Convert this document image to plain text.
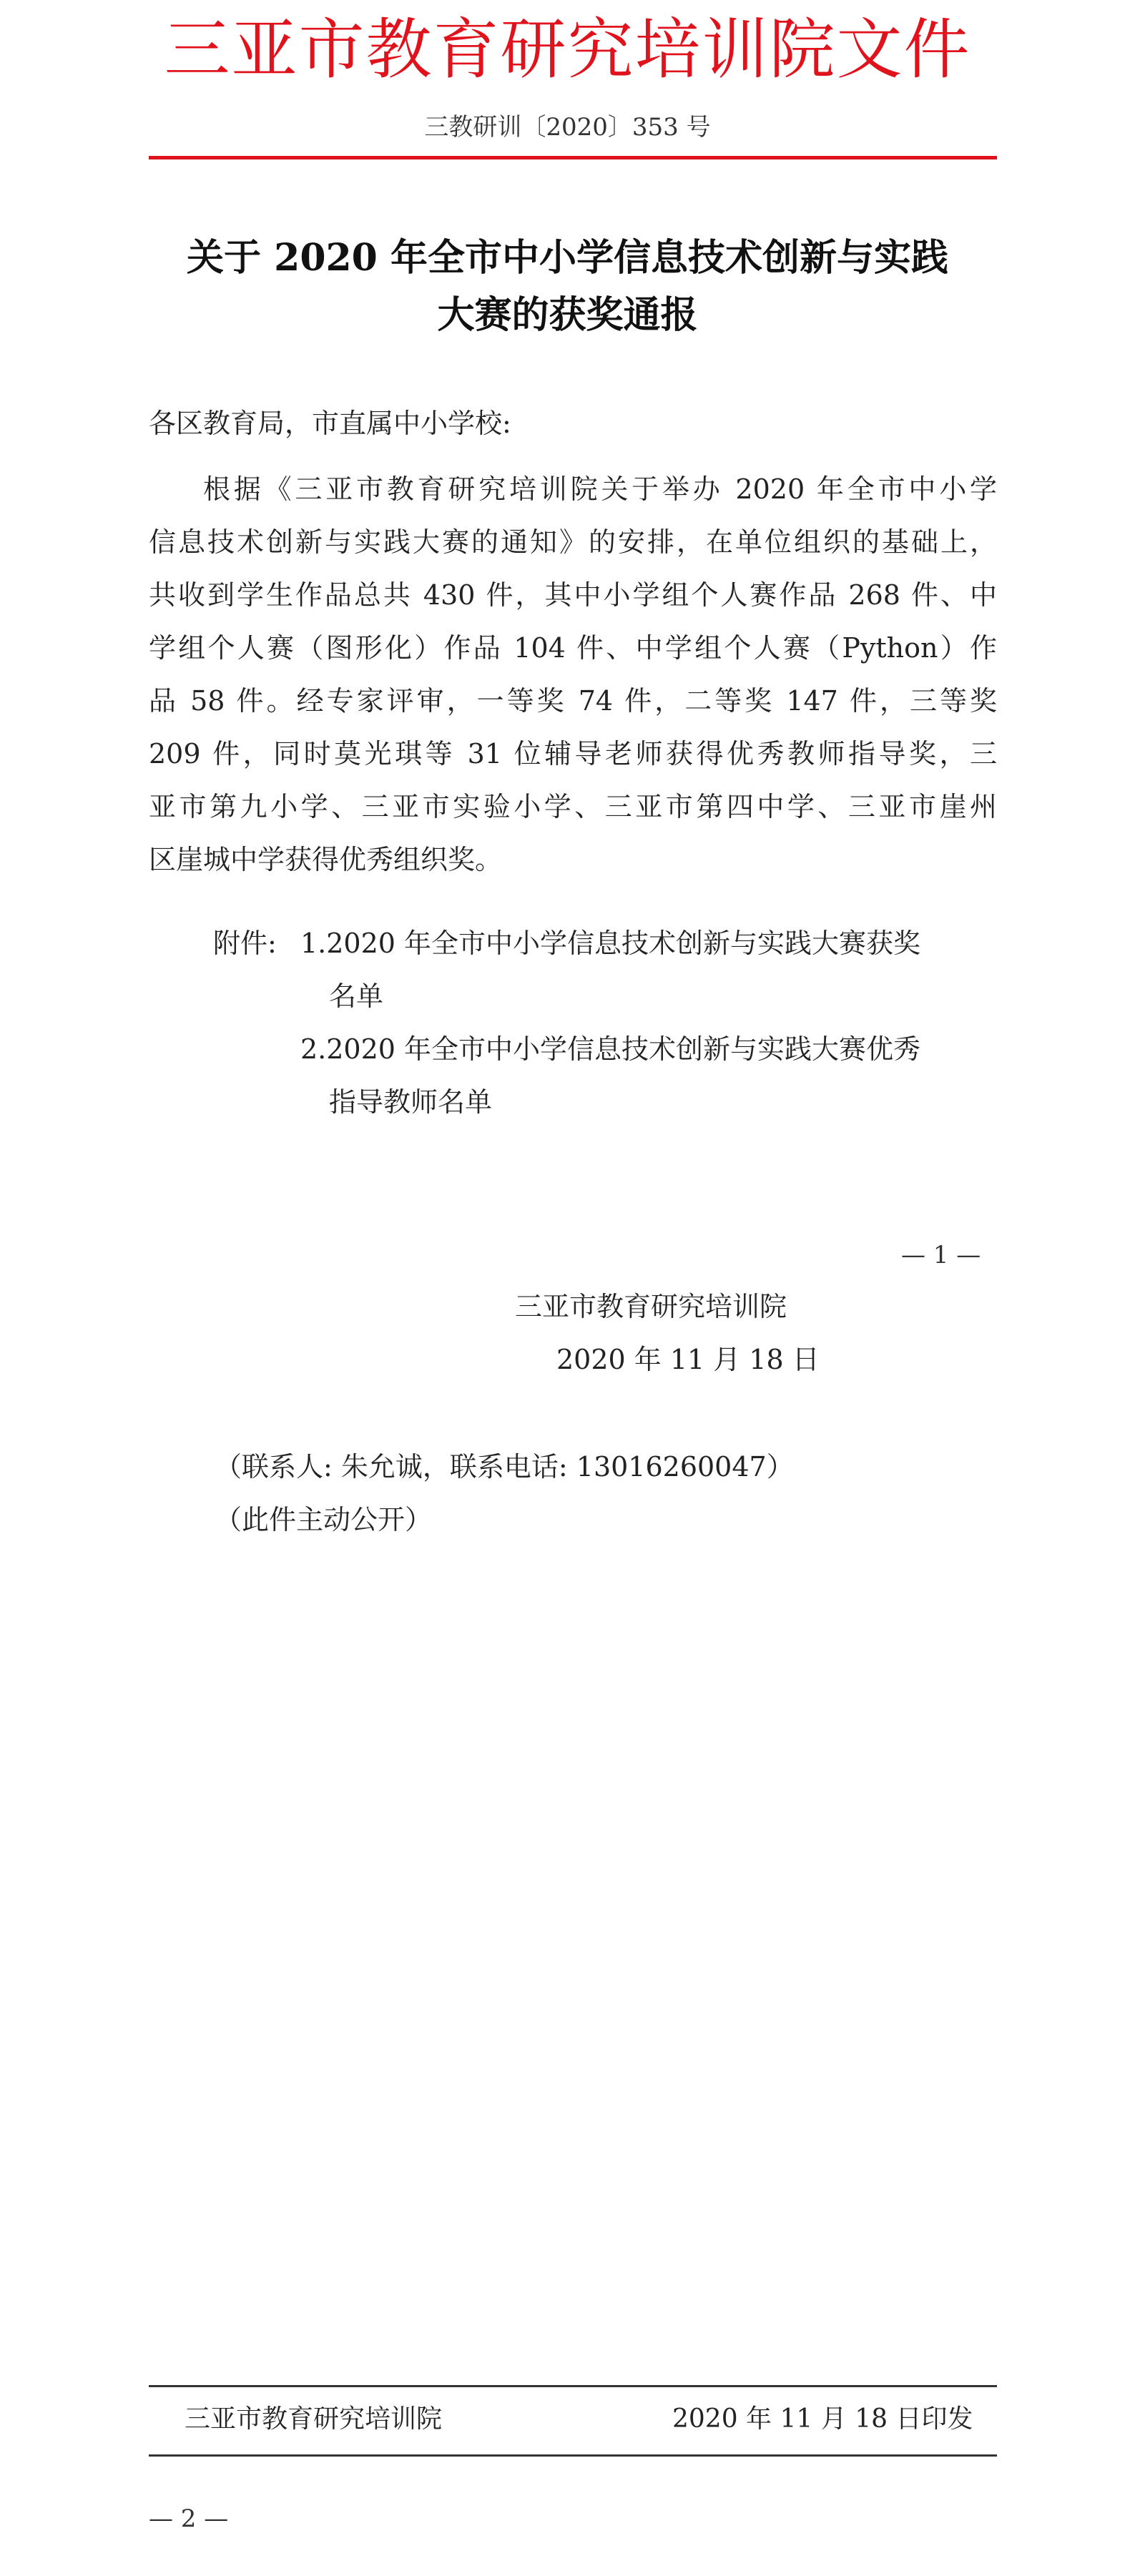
三亚市教育研究培训院文件
三教研训〔2020〕353 号
关于 2020 年全市中小学信息技术创新与实践
大赛的获奖通报
各区教育局，市直属中小学校:
根据《三亚市教育研究培训院关于举办 2020 年全市中小学
信息技术创新与实践大赛的通知》的安排，在单位组织的基础上，
共收到学生作品总共 430 件，其中小学组个人赛作品 268 件、中
学组个人赛（图形化）作品 104 件、中学组个人赛（Python）作
品 58 件。经专家评审，一等奖 74 件，二等奖 147 件，三等奖
209 件，同时莫光琪等 31 位辅导老师获得优秀教师指导奖，三
亚市第九小学、三亚市实验小学、三亚市第四中学、三亚市崖州
区崖城中学获得优秀组织奖。
附件: 1.2020 年全市中小学信息技术创新与实践大赛获奖
名单
2.2020 年全市中小学信息技术创新与实践大赛优秀
指导教师名单
— 1 —
三亚市教育研究培训院
2020 年 11 月 18 日
（联系人: 朱允诚，联系电话: 13016260047）
（此件主动公开）
三亚市教育研究培训院	2020 年 11 月 18 日印发
— 2 —
